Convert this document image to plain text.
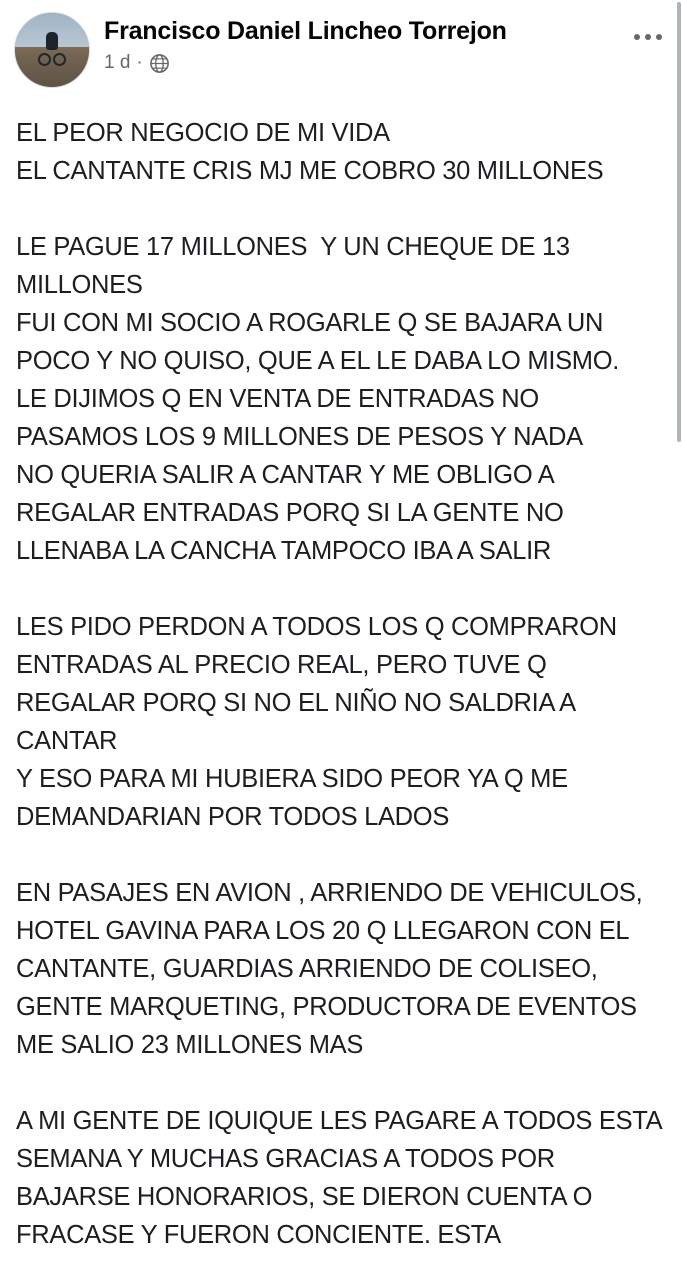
Francisco Daniel Lincheo Torrejon
1 d ·

EL PEOR NEGOCIO DE MI VIDA

EL CANTANTE CRIS MJ ME COBRO 30 MILLONES

LE PAGUE 17 MILLONES  Y UN CHEQUE DE 13 MILLONES

FUI CON MI SOCIO A ROGARLE Q SE BAJARA UN POCO Y NO QUISO, QUE A EL LE DABA LO MISMO.

LE DIJIMOS Q EN VENTA DE ENTRADAS NO PASAMOS LOS 9 MILLONES DE PESOS Y NADA

NO QUERIA SALIR A CANTAR Y ME OBLIGO A REGALAR ENTRADAS PORQ SI LA GENTE NO LLENABA LA CANCHA TAMPOCO IBA A SALIR

LES PIDO PERDON A TODOS LOS Q COMPRARON ENTRADAS AL PRECIO REAL, PERO TUVE Q REGALAR PORQ SI NO EL NIÑO NO SALDRIA A CANTAR

Y ESO PARA MI HUBIERA SIDO PEOR YA Q ME DEMANDARIAN POR TODOS LADOS

EN PASAJES EN AVION , ARRIENDO DE VEHICULOS, HOTEL GAVINA PARA LOS 20 Q LLEGARON CON EL CANTANTE, GUARDIAS ARRIENDO DE COLISEO, GENTE MARQUETING, PRODUCTORA DE EVENTOS

ME SALIO 23 MILLONES MAS

A MI GENTE DE IQUIQUE LES PAGARE A TODOS ESTA SEMANA Y MUCHAS GRACIAS A TODOS POR BAJARSE HONORARIOS, SE DIERON CUENTA O FRACASE Y FUERON CONCIENTE. ESTA
